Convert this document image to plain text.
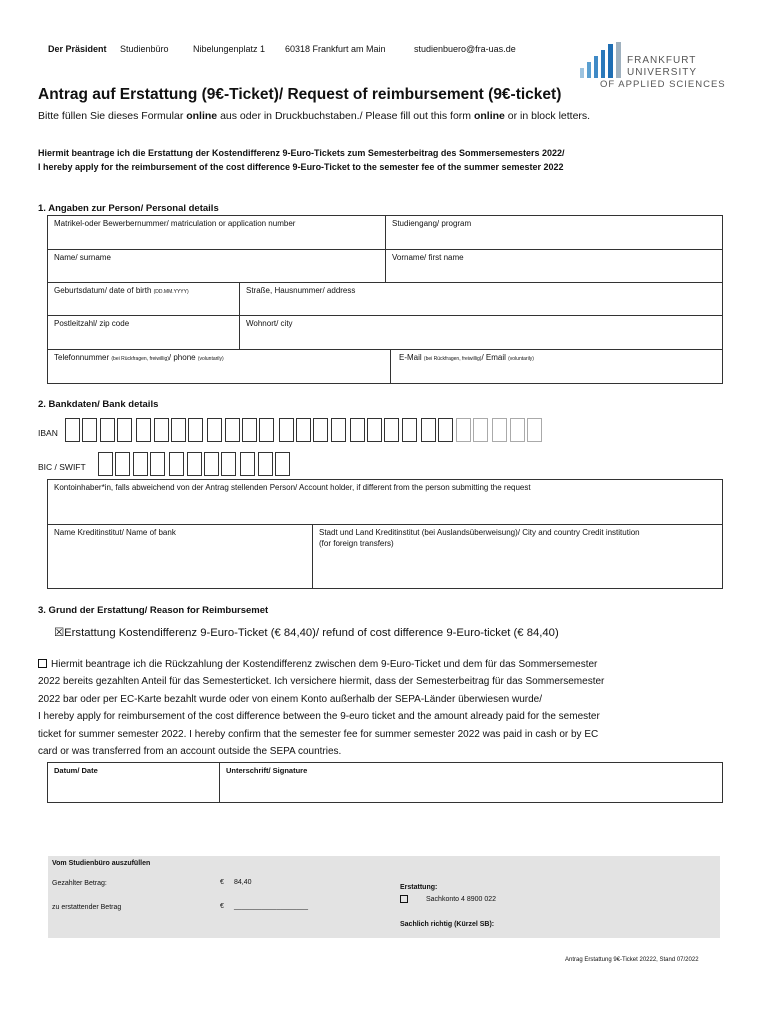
Der Präsident Studienbüro	Nibelungenplatz 1 60318 Frankfurt am Main	studienbuero@fra-uas.de
FRANKFURT
UNIVERSITY
OF APPLIED SCIENCES
Antrag auf Erstattung (9€-Ticket)/ Request of reimbursement (9€-ticket)
Bitte füllen Sie dieses Formular online aus oder in Druckbuchstaben./ Please fill out this form online or in block letters.
Hiermit beantrage ich die Erstattung der Kostendifferenz 9-Euro-Tickets zum Semesterbeitrag des Sommersemesters 2022/
I hereby apply for the reimbursement of the cost difference 9-Euro-Ticket to the semester fee of the summer semester 2022
1. Angaben zur Person/ Personal details
Matrikel-oder Bewerbernummer/ matriculation or application number	Studiengang/ program
Name/ surname	Vorname/ first name
Geburtsdatum/ date of birth (DD.MM.YYYY)	Straße, Hausnummer/ address
Postleitzahl/ zip code	Wohnort/ city
Telefonnummer (bei Rückfragen, freiwillig)/ phone (voluntarily)	E-Mail (bei Rückfragen, freiwillig)/ Email (voluntarily)
2. Bankdaten/ Bank details
IBAN
BIC / SWIFT
Kontoinhaber*in, falls abweichend von der Antrag stellenden Person/ Account holder, if different from the person submitting the request
Name Kreditinstitut/ Name of bank	Stadt und Land Kreditinstitut (bei Auslandsüberweisung)/ City and country Credit institution
(for foreign transfers)
3. Grund der Erstattung/ Reason for Reimbursemet
☒Erstattung Kostendifferenz 9-Euro-Ticket (€ 84,40)/ refund of cost difference 9-Euro-ticket (€ 84,40)
Hiermit beantrage ich die Rückzahlung der Kostendifferenz zwischen dem 9-Euro-Ticket und dem für das Sommersemester
2022 bereits gezahlten Anteil für das Semesterticket. Ich versichere hiermit, dass der Semesterbeitrag für das Sommersemester
2022 bar oder per EC-Karte bezahlt wurde oder von einem Konto außerhalb der SEPA-Länder überwiesen wurde/
I hereby apply for reimbursement of the cost difference between the 9-euro ticket and the amount already paid for the semester
ticket for summer semester 2022. I hereby confirm that the semester fee for summer semester 2022 was paid in cash or by EC
card or was transferred from an account outside the SEPA countries.
Datum/ Date	Unterschrift/ Signature
Vom Studienbüro auszufüllen
Gezahlter Betrag:	€ 84,40
zu erstattender Betrag	€ ___________________
Erstattung:
Sachkonto 4 8900 022
Sachlich richtig (Kürzel SB):
Antrag Erstattung 9€-Ticket 20222, Stand 07/2022
